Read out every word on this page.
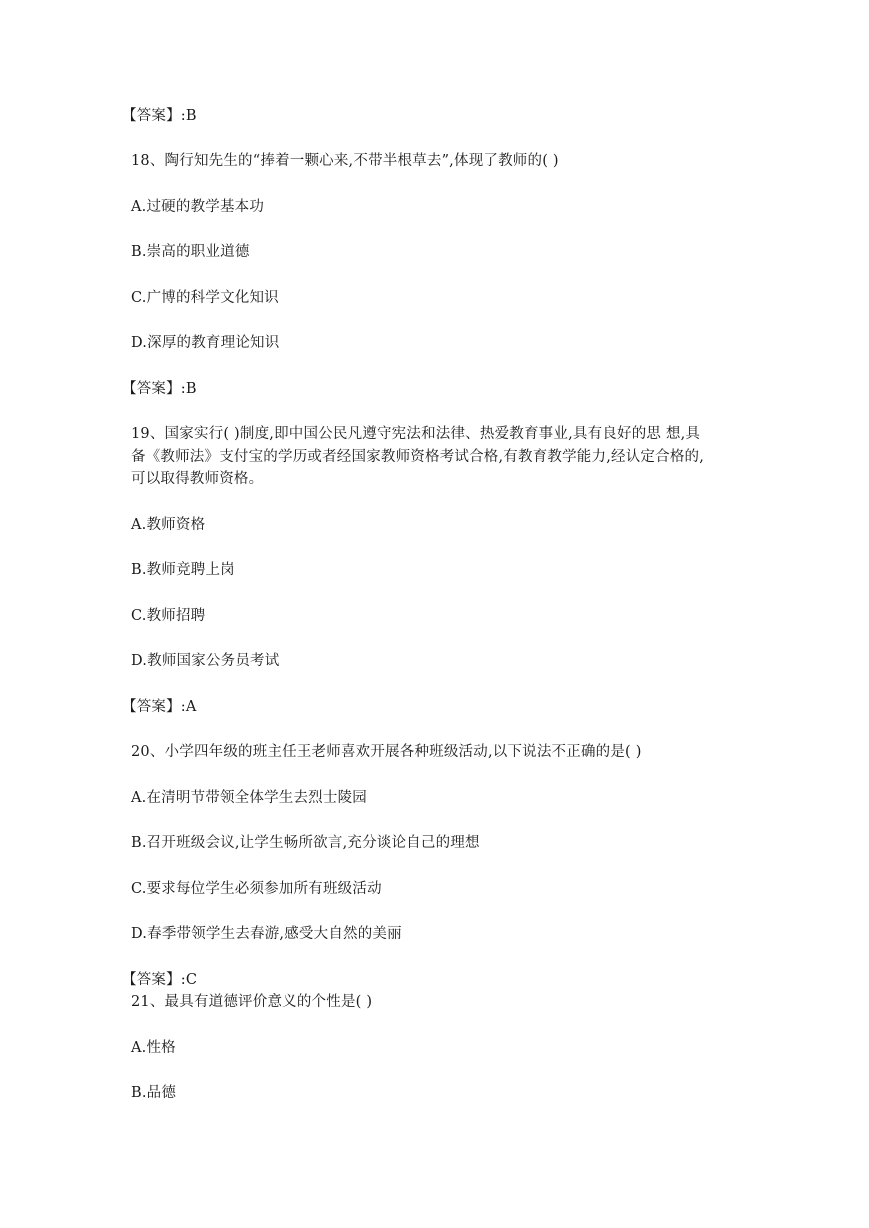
【答案】:B
18、陶行知先生的“捧着一颗心来,不带半根草去”,体现了教师的( )
A.过硬的教学基本功
B.崇高的职业道德
C.广博的科学文化知识
D.深厚的教育理论知识
【答案】:B
19、国家实行( )制度,即中国公民凡遵守宪法和法律、热爱教育事业,具有良好的思 想,具
备《教师法》支付宝的学历或者经国家教师资格考试合格,有教育教学能力,经认定合格的,
可以取得教师资格。
A.教师资格
B.教师竞聘上岗
C.教师招聘
D.教师国家公务员考试
【答案】:A
20、小学四年级的班主任王老师喜欢开展各种班级活动,以下说法不正确的是( )
A.在清明节带领全体学生去烈士陵园
B.召开班级会议,让学生畅所欲言,充分谈论自己的理想
C.要求每位学生必须参加所有班级活动
D.春季带领学生去春游,感受大自然的美丽
【答案】:C
21、最具有道德评价意义的个性是( )
A.性格
B.品德
